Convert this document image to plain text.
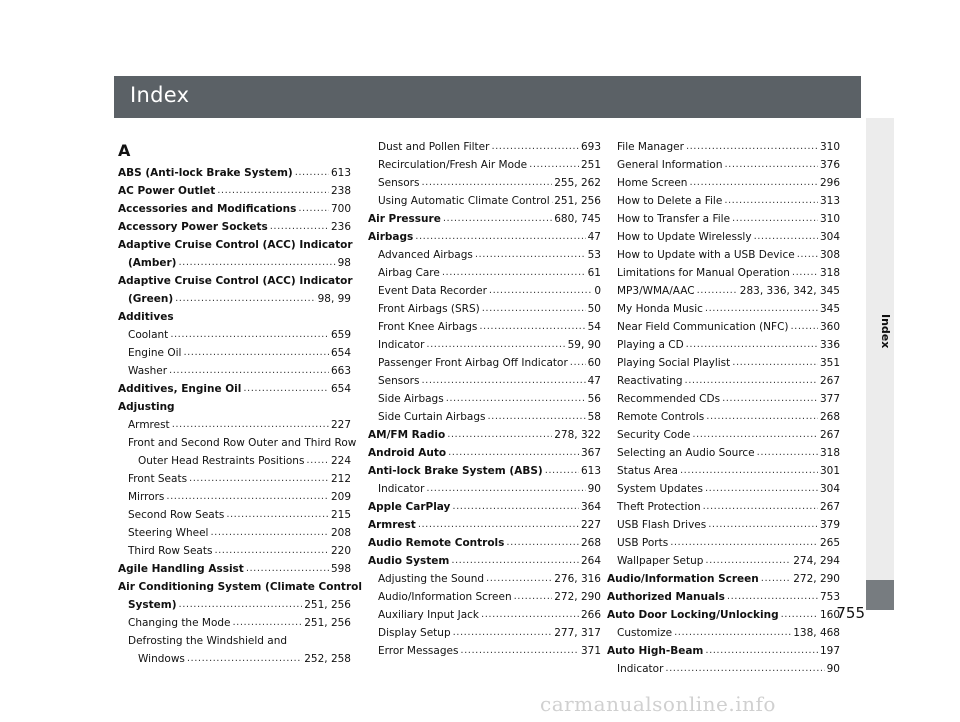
Index
Index
755
A
ABS (Anti-lock Brake System) .....	613
AC Power Outlet .....	238
Accessories and Modifications .....	700
Accessory Power Sockets .....	236
Adaptive Cruise Control (ACC) Indicator
(Amber) .....	98
Adaptive Cruise Control (ACC) Indicator
(Green) .....	98, 99
Additives
Coolant .....	659
Engine Oil .....	654
Washer .....	663
Additives, Engine Oil .....	654
Adjusting
Armrest .....	227
Front and Second Row Outer and Third Row
Outer Head Restraints Positions .....	224
Front Seats .....	212
Mirrors .....	209
Second Row Seats .....	215
Steering Wheel .....	208
Third Row Seats .....	220
Agile Handling Assist .....	598
Air Conditioning System (Climate Control
System) .....	251, 256
Changing the Mode .....	251, 256
Defrosting the Windshield and
Windows .....	252, 258
Dust and Pollen Filter .....	693
Recirculation/Fresh Air Mode .....	251
Sensors .....	255, 262
Using Automatic Climate Control ..... 251, 256
Air Pressure .....	680, 745
Airbags .....	47
Advanced Airbags .....	53
Airbag Care .....	61
Event Data Recorder .....	0
Front Airbags (SRS) .....	50
Front Knee Airbags .....	54
Indicator .....	59, 90
Passenger Front Airbag Off Indicator ..... 60
Sensors .....	47
Side Airbags .....	56
Side Curtain Airbags .....	58
AM/FM Radio .....	278, 322
Android Auto .....	367
Anti-lock Brake System (ABS) .....	613
Indicator .....	90
Apple CarPlay .....	364
Armrest .....	227
Audio Remote Controls .....	268
Audio System .....	264
Adjusting the Sound .....	276, 316
Audio/Information Screen .....	272, 290
Auxiliary Input Jack .....	266
Display Setup .....	277, 317
Error Messages .....	371
File Manager .....	310
General Information .....	376
Home Screen .....	296
How to Delete a File .....	313
How to Transfer a File .....	310
How to Update Wirelessly .....	304
How to Update with a USB Device ..... 308
Limitations for Manual Operation .....	318
MP3/WMA/AAC .....	283, 336, 342, 345
My Honda Music .....	345
Near Field Communication (NFC) .....	360
Playing a CD .....	336
Playing Social Playlist .....	351
Reactivating .....	267
Recommended CDs .....	377
Remote Controls .....	268
Security Code .....	267
Selecting an Audio Source .....	318
Status Area .....	301
System Updates .....	304
Theft Protection .....	267
USB Flash Drives .....	379
USB Ports .....	265
Wallpaper Setup .....	274, 294
Audio/Information Screen .....	272, 290
Authorized Manuals .....	753
Auto Door Locking/Unlocking .....	160
Customize .....	138, 468
Auto High-Beam .....	197
Indicator .....	90
carmanualsonline.info
